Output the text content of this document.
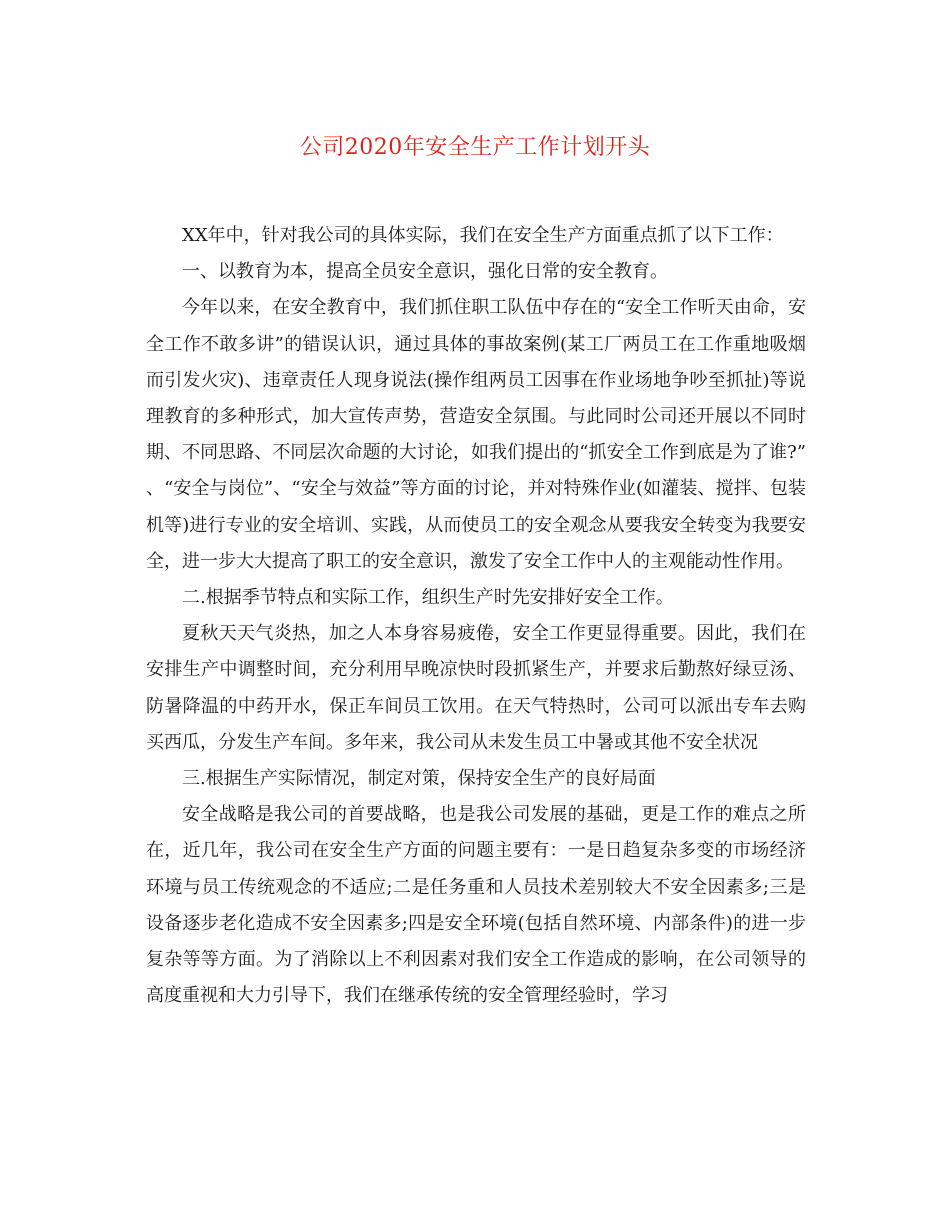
公司2020年安全生产工作计划开头

XX年中，针对我公司的具体实际，我们在安全生产方面重点抓了以下工作：

一、以教育为本，提高全员安全意识，强化日常的安全教育。

今年以来，在安全教育中，我们抓住职工队伍中存在的“安全工作听天由命，安全工作不敢多讲”的错误认识，通过具体的事故案例(某工厂两员工在工作重地吸烟而引发火灾)、违章责任人现身说法(操作组两员工因事在作业场地争吵至抓扯)等说理教育的多种形式，加大宣传声势，营造安全氛围。与此同时公司还开展以不同时期、不同思路、不同层次命题的大讨论，如我们提出的“抓安全工作到底是为了谁?” 、“安全与岗位”、“安全与效益”等方面的讨论，并对特殊作业(如灌装、搅拌、包装机等)进行专业的安全培训、实践，从而使员工的安全观念从要我安全转变为我要安全，进一步大大提高了职工的安全意识，激发了安全工作中人的主观能动性作用。

二.根据季节特点和实际工作，组织生产时先安排好安全工作。

夏秋天天气炎热，加之人本身容易疲倦，安全工作更显得重要。因此，我们在安排生产中调整时间，充分利用早晚凉快时段抓紧生产，并要求后勤熬好绿豆汤、防暑降温的中药开水，保正车间员工饮用。在天气特热时，公司可以派出专车去购买西瓜，分发生产车间。多年来，我公司从未发生员工中暑或其他不安全状况

三.根据生产实际情况，制定对策，保持安全生产的良好局面

安全战略是我公司的首要战略，也是我公司发展的基础，更是工作的难点之所在，近几年，我公司在安全生产方面的问题主要有：一是日趋复杂多变的市场经济环境与员工传统观念的不适应;二是任务重和人员技术差别较大不安全因素多;三是设备逐步老化造成不安全因素多;四是安全环境(包括自然环境、内部条件)的进一步复杂等等方面。为了消除以上不利因素对我们安全工作造成的影响，在公司领导的高度重视和大力引导下，我们在继承传统的安全管理经验时，学习
